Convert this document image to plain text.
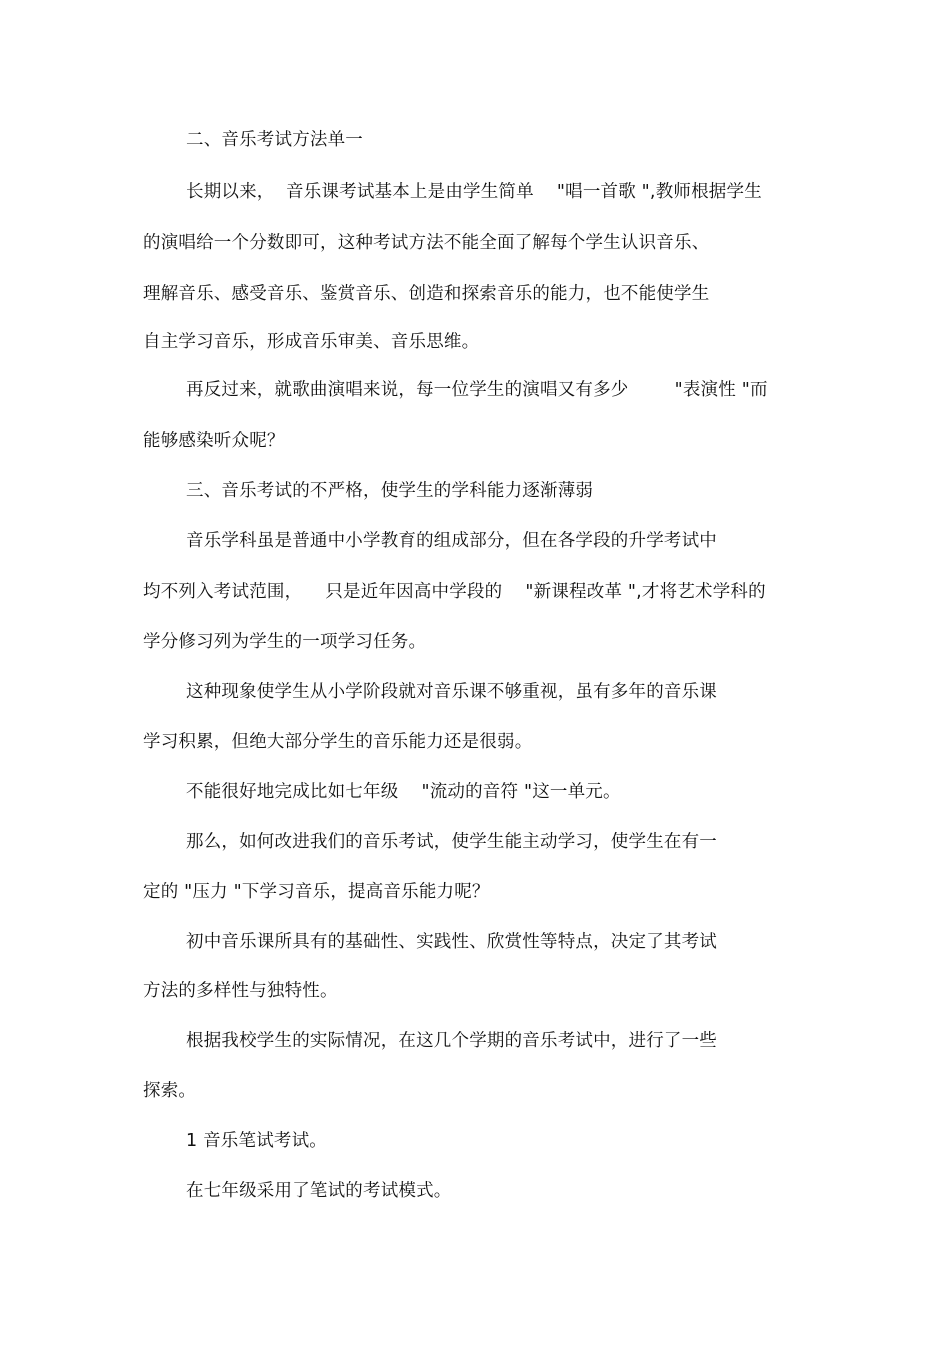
二、音乐考试方法单一
长期以来，  音乐课考试基本上是由学生简单    "唱一首歌 ",教师根据学生
的演唱给一个分数即可，这种考试方法不能全面了解每个学生认识音乐、
理解音乐、感受音乐、鉴赏音乐、创造和探索音乐的能力，也不能使学生
自主学习音乐，形成音乐审美、音乐思维。
再反过来，就歌曲演唱来说，每一位学生的演唱又有多少        "表演性 "而
能够感染听众呢？
三、音乐考试的不严格，使学生的学科能力逐渐薄弱
音乐学科虽是普通中小学教育的组成部分，但在各学段的升学考试中
均不列入考试范围，    只是近年因高中学段的    "新课程改革 ",才将艺术学科的
学分修习列为学生的一项学习任务。
这种现象使学生从小学阶段就对音乐课不够重视，虽有多年的音乐课
学习积累，但绝大部分学生的音乐能力还是很弱。
不能很好地完成比如七年级    "流动的音符 "这一单元。
那么，如何改进我们的音乐考试，使学生能主动学习，使学生在有一
定的 "压力 "下学习音乐，提高音乐能力呢？
初中音乐课所具有的基础性、实践性、欣赏性等特点，决定了其考试
方法的多样性与独特性。
根据我校学生的实际情况，在这几个学期的音乐考试中，进行了一些
探索。
1 音乐笔试考试。
在七年级采用了笔试的考试模式。
